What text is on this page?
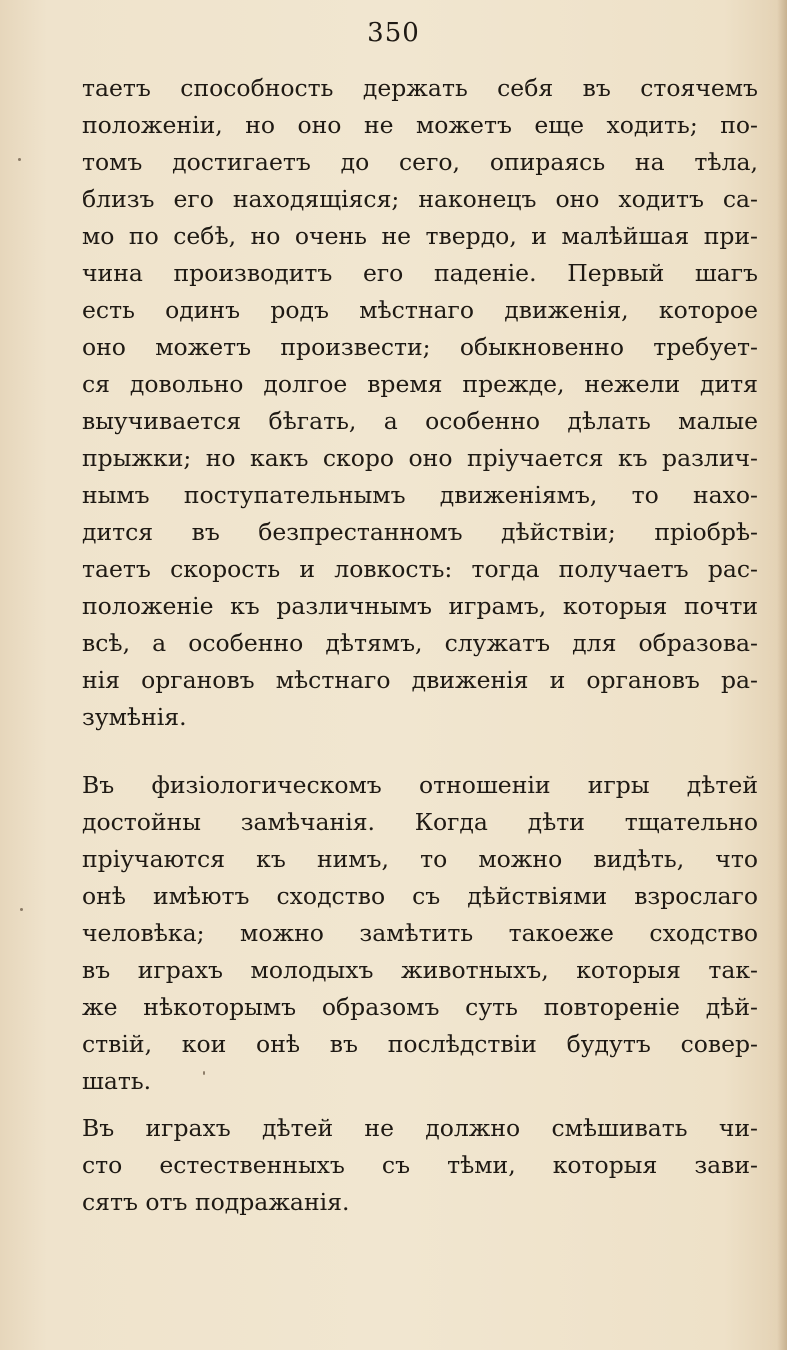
350
таетъ способность держать себя въ стоячемъ
положеніи, но оно не можетъ еще ходить; по-
томъ достигаетъ до сего, опираясь на тѣла,
близъ его находящіяся; наконецъ оно ходитъ са-
мо по себѣ, но очень не твердо, и малѣйшая при-
чина производитъ его паденіе. Первый шагъ
есть одинъ родъ мѣстнаго движенія, которое
оно можетъ произвести; обыкновенно требует-
ся довольно долгое время прежде, нежели дитя
выучивается бѣгать, а особенно дѣлать малые
прыжки; но какъ скоро оно пріучается къ различ-
нымъ поступательнымъ движеніямъ, то нахо-
дится въ безпрестанномъ дѣйствіи; пріобрѣ-
таетъ скорость и ловкость: тогда получаетъ рас-
положеніе къ различнымъ играмъ, которыя почти
всѣ, а особенно дѣтямъ, служатъ для образова-
нія органовъ мѣстнаго движенія и органовъ ра-
зумѣнія.
Въ физіологическомъ отношеніи игры дѣтей
достойны замѣчанія. Когда дѣти тщательно
пріучаются къ нимъ, то можно видѣть, что
онѣ имѣютъ сходство съ дѣйствіями взрослаго
человѣка; можно замѣтить такоеже сходство
въ играхъ молодыхъ животныхъ, которыя так-
же нѣкоторымъ образомъ суть повтореніе дѣй-
ствій, кои онѣ въ послѣдствіи будутъ совер-
шать.
Въ играхъ дѣтей не должно смѣшивать чи-
сто естественныхъ съ тѣми, которыя зави-
сятъ отъ подражанія.
